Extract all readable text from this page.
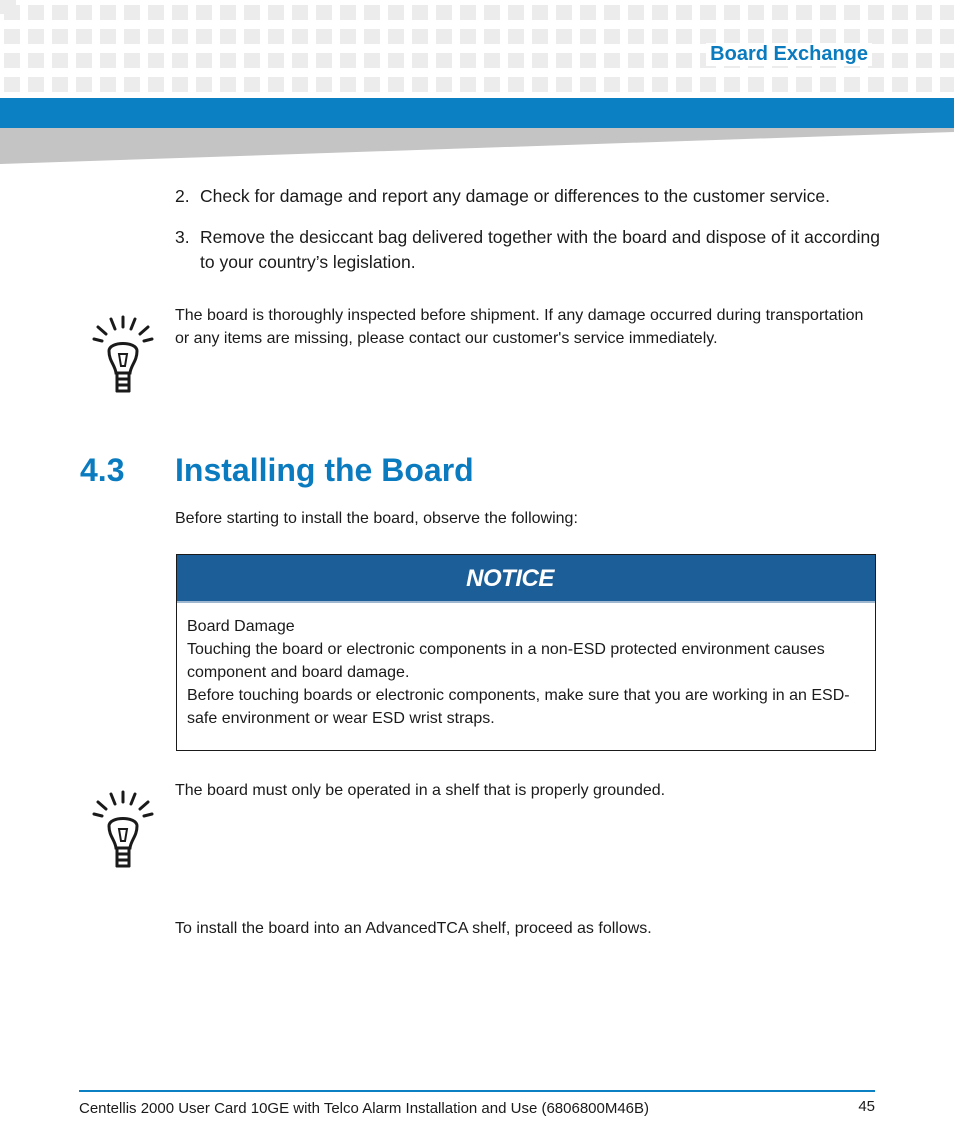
Board Exchange
2. Check for damage and report any damage or differences to the customer service.
3. Remove the desiccant bag delivered together with the board and dispose of it according to your country’s legislation.
The board is thoroughly inspected before shipment. If any damage occurred during transportation or any items are missing, please contact our customer's service immediately.
4.3 Installing the Board
Before starting to install the board, observe the following:
NOTICE
Board Damage
Touching the board or electronic components in a non-ESD protected environment causes component and board damage.
Before touching boards or electronic components, make sure that you are working in an ESD-safe environment or wear ESD wrist straps.
The board must only be operated in a shelf that is properly grounded.
To install the board into an AdvancedTCA shelf, proceed as follows.
Centellis 2000 User Card 10GE with Telco Alarm Installation and Use (6806800M46B)	45
